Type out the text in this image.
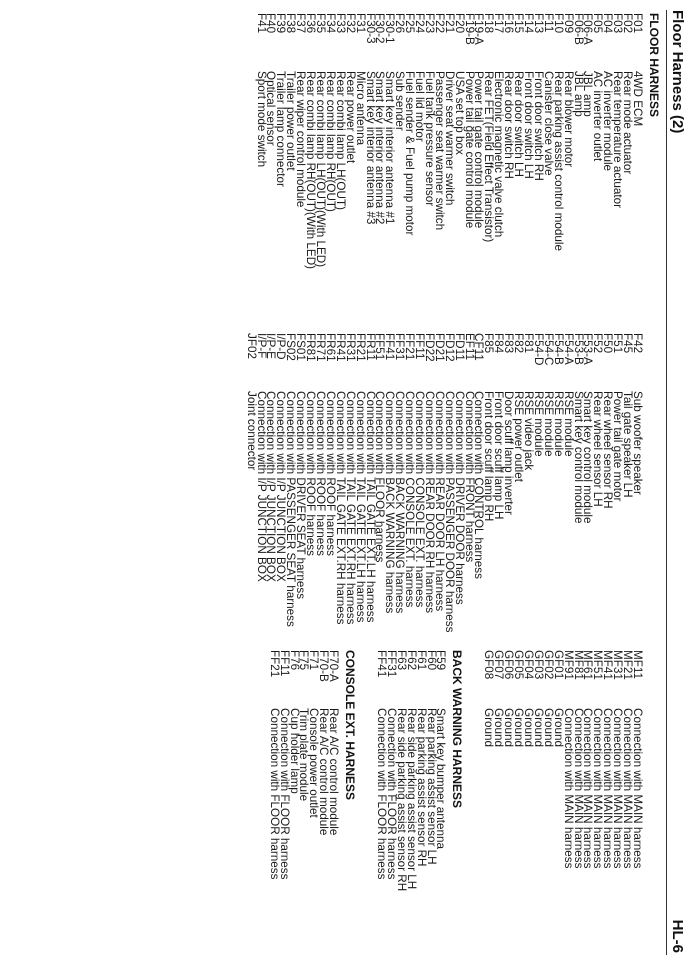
Floor Harness (2)
HL-6
FLOOR HARNESS
F01
4WD ECM
F02
Rear mode actuator
F03
Rear temperature actuator
F04
AC inverter module
F05
AC inverter outlet
F06-A
JBL amp
F06-B
JBL amp
F09
Rear blower motor
F10
Rear parking assist control module
F11
Canister close valve
F13
Front door switch RH
F14
Front door switch LH
F15
Rear door switch LH
F16
Rear door switch RH
F17
Electronic magnetic valve clutch
F18
Rear FET(Field Effect Transistor)
F19-A
Power tail gate control module
F19-B
Power tail gate control module
F20
USA set top box
F21
Driver seat warmer switch
F22
Passenger seat warmer switch
F23
Fuel tank pressure sensor
F24
Fuel lid motor
F25
Fuel sender & Fuel pump motor
F26
Sub sender
F30-1
Smart key interior antenna #1
F30-2
Smart key interior antenna #2
F30-3
Smart key interior antenna #3
F31
Micro antenna
F32
Rear power outlet
F33
Rear combi lamp LH(OUT)
F34
Rear combi lamp RH(OUT)
F35
Rear combi lamp LH(OUT)(With LED)
F36
Rear combi lamp RH(OUT)(With LED)
F37
Rear wiper control module
F38
Trailer power outlet
F39
Trailer lamp connector
F40
Optical sensor
F41
Sport mode switch

F42
Sub woofer speaker
F45
Tail gate speaker LH
F51
Power tail gate motor
F50
Rear wheel sensor RH
F52
Rear wheel sensor LH
F53-A
Smart key control module
F53-B
Smart key control module
F54-A
RSE module
F54-B
RSE module
F54-C
RSE module
F54-D
RSE module
F81
RSE video jack
F82
RSE power outlet
F83
Door scuff lamp inverter
F84
Front door scuff lamp LH
F85
Front door scuff lamp RH
CF11
Connection with CONTROL harness
EF11
Connection with FRONT harness
FD11
Connection with DRIVER DOOR harness
FD12
Connection with PASSENGER DOOR harness
FD21
Connection with REAR DOOR LH harness
FD22
Connection with REAR DOOR RH harness
FF11
Connection with CONSOLE EXT. harness
FF21
Connection with CONSOLE EXT. harness
FF31
Connection with BACK WARNING harness
FF41
Connection with BACK WARNING harness
FF51
Connection with FLOOR harness
FR11
Connection with TAIL GATE EXT.LH harness
FR21
Connection with TAIL GATE EXT.LH harness
FR31
Connection with TAIL GATE EXT.RH harness
FR41
Connection with TAIL GATE EXT.RH harness
FR61
Connection with ROOF harness
FR71
Connection with ROOF harness
FR81
Connection with ROOF harness
FS01
Connection with DRIVER SEAT harness
FS02
Connection with PASSENGER SEAT harness
I/P-D
Connection with I/P JUNCTION BOX
I/P-E
Connection with I/P JUNCTION BOX
I/P-F
Connection with I/P JUNCTION BOX
JF02
Joint connector

MF11
Connection with MAIN harness
MF21
Connection with MAIN harness
MF31
Connection with MAIN harness
MF41
Connection with MAIN harness
MF51
Connection with MAIN harness
MF61
Connection with MAIN harness
MF81
Connection with MAIN harness
MF91
Connection with MAIN harness
GF01
Ground
GF02
Ground
GF03
Ground
GF04
Ground
GF05
Ground
GF06
Ground
GF07
Ground
GF08
Ground
BACK WARNING HARNESS
F59
Smart key bumper antenna
F60
Rear parking assist sensor LH
F61
Rear parking assist sensor RH
F62
Rear side parking assist sensor LH
F63
Rear side parking assist sensor RH
FF31
Connection with FLOOR harness
FF41
Connection with FLOOR harness
CONSOLE EXT. HARNESS
F70-A
Rear A/C control module
F70-B
Rear A/C control module
F71
Console power outlet
F75
Trim plate module
F76
Cup holder lamp
FF11
Connection with FLOOR harness
FF21
Connection with FLOOR harness
